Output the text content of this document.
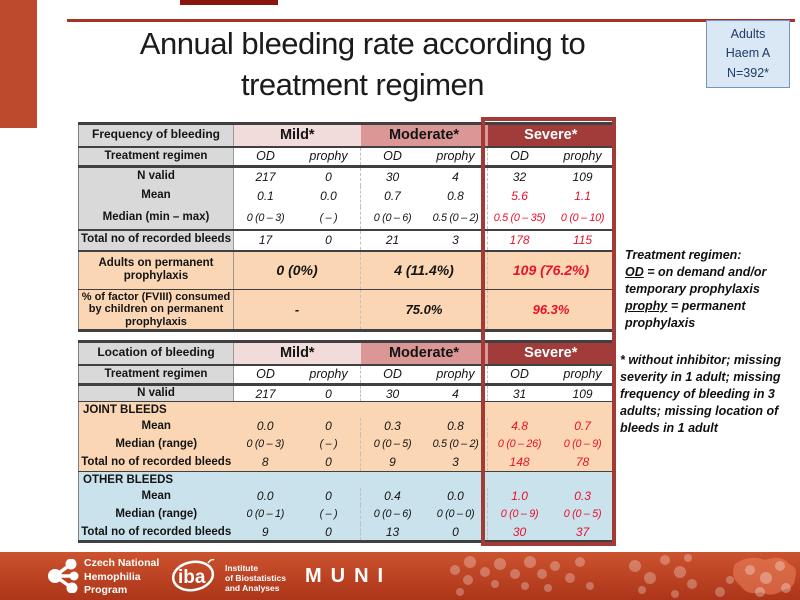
Annual bleeding rate according to
treatment regimen
Adults
Haem A
N=392*
Frequency of bleeding	Mild*		Moderate*		Severe*	
Treatment regimen	OD	prophy	OD	prophy	OD	prophy
N valid	217	0	30	4	32	109
Mean	0.1	0.0	0.7	0.8	5.6	1.1
Median (min – max)	0 (0 – 3)	( – )	0 (0 – 6)	0.5 (0 – 2)	0.5 (0 – 35)	0 (0 – 10)
Total no of recorded bleeds	17	0	21	3	178	115
Adults on permanent prophylaxis	0 (0%)		4 (11.4%)		109 (76.2%)	
% of factor (FVIII) consumed by children on permanent prophylaxis	-		75.0%		96.3%	
Location of bleeding	Mild*		Moderate*		Severe*	
Treatment regimen	OD	prophy	OD	prophy	OD	prophy
N valid	217	0	30	4	31	109
JOINT BLEEDS						
Mean	0.0	0	0.3	0.8	4.8	0.7
Median (range)	0 (0 – 3)	( – )	0 (0 – 5)	0.5 (0 – 2)	0 (0 – 26)	0 (0 – 9)
Total no of recorded bleeds	8	0	9	3	148	78
OTHER BLEEDS						
Mean	0.0	0	0.4	0.0	1.0	0.3
Median (range)	0 (0 – 1)	( – )	0 (0 – 6)	0 (0 – 0)	0 (0 – 9)	0 (0 – 5)
Total no of recorded bleeds	9	0	13	0	30	37
Treatment regimen:
OD = on demand and/or temporary prophylaxis
prophy = permanent prophylaxis
* without inhibitor; missing severity in 1 adult; missing frequency of bleeding in 3 adults; missing location of bleeds in 1 adult
Czech National
Hemophilia
Program
iba Institute
of Biostatistics
and Analyses
MUNI
